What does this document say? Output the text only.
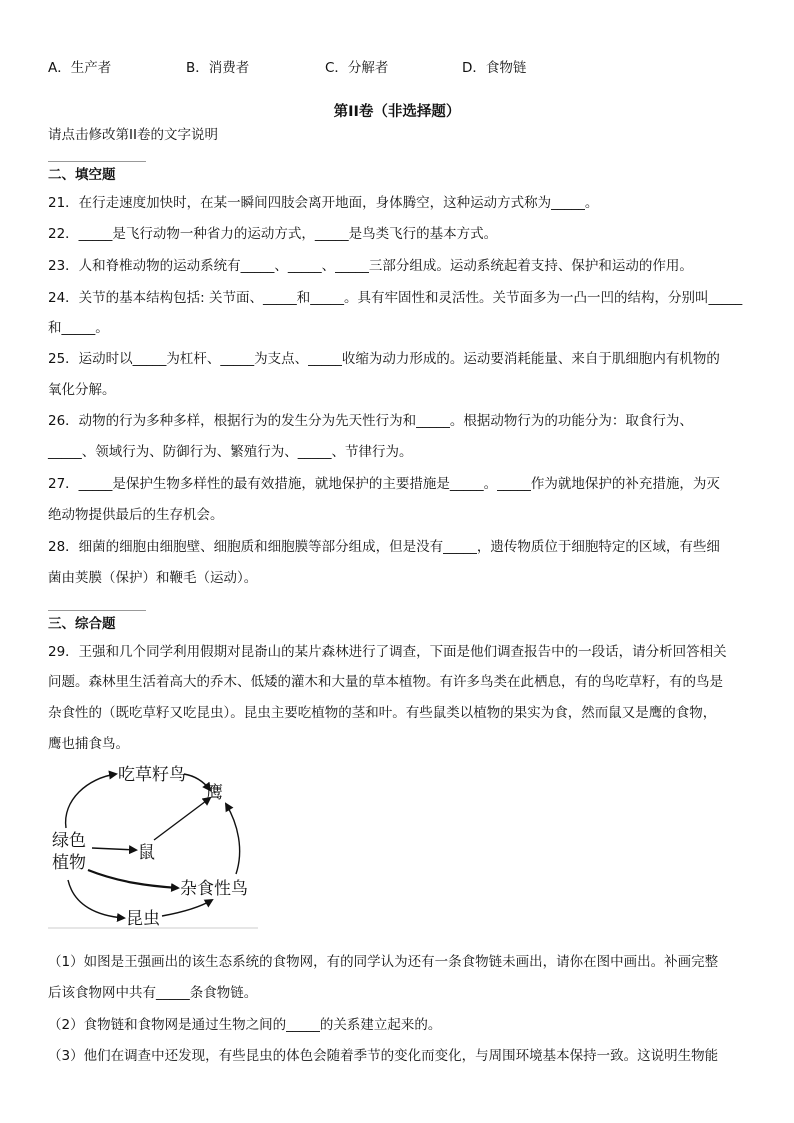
A．生产者	B．消费者	C．分解者	D．食物链
第II卷（非选择题）
请点击修改第II卷的文字说明
二、填空题
21．在行走速度加快时，在某一瞬间四肢会离开地面，身体腾空，这种运动方式称为_____。
22．_____是飞行动物一种省力的运动方式，_____是鸟类飞行的基本方式。
23．人和脊椎动物的运动系统有_____、_____、_____三部分组成。运动系统起着支持、保护和运动的作用。
24．关节的基本结构包括: 关节面、_____和_____。具有牢固性和灵活性。关节面多为一凸一凹的结构，分别叫_____
和_____。
25．运动时以_____为杠杆、_____为支点、_____收缩为动力形成的。运动要消耗能量、来自于肌细胞内有机物的
氧化分解。
26．动物的行为多种多样，根据行为的发生分为先天性行为和_____。根据动物行为的功能分为：取食行为、
_____、领域行为、防御行为、繁殖行为、_____、节律行为。
27．_____是保护生物多样性的最有效措施，就地保护的主要措施是_____。_____作为就地保护的补充措施，为灭
绝动物提供最后的生存机会。
28．细菌的细胞由细胞壁、细胞质和细胞膜等部分组成，但是没有_____，遗传物质位于细胞特定的区域，有些细
菌由荚膜（保护）和鞭毛（运动）。
三、综合题
29．王强和几个同学利用假期对昆嵛山的某片森林进行了调查，下面是他们调查报告中的一段话，请分析回答相关
问题。森林里生活着高大的乔木、低矮的灌木和大量的草本植物。有许多鸟类在此栖息，有的鸟吃草籽，有的鸟是
杂食性的（既吃草籽又吃昆虫）。昆虫主要吃植物的茎和叶。有些鼠类以植物的果实为食，然而鼠又是鹰的食物，
鹰也捕食鸟。
绿色
植物
吃草籽鸟
鹰
鼠
杂食性鸟
昆虫
（1）如图是王强画出的该生态系统的食物网，有的同学认为还有一条食物链未画出，请你在图中画出。补画完整
后该食物网中共有_____条食物链。
（2）食物链和食物网是通过生物之间的_____的关系建立起来的。
（3）他们在调查中还发现，有些昆虫的体色会随着季节的变化而变化，与周围环境基本保持一致。这说明生物能
